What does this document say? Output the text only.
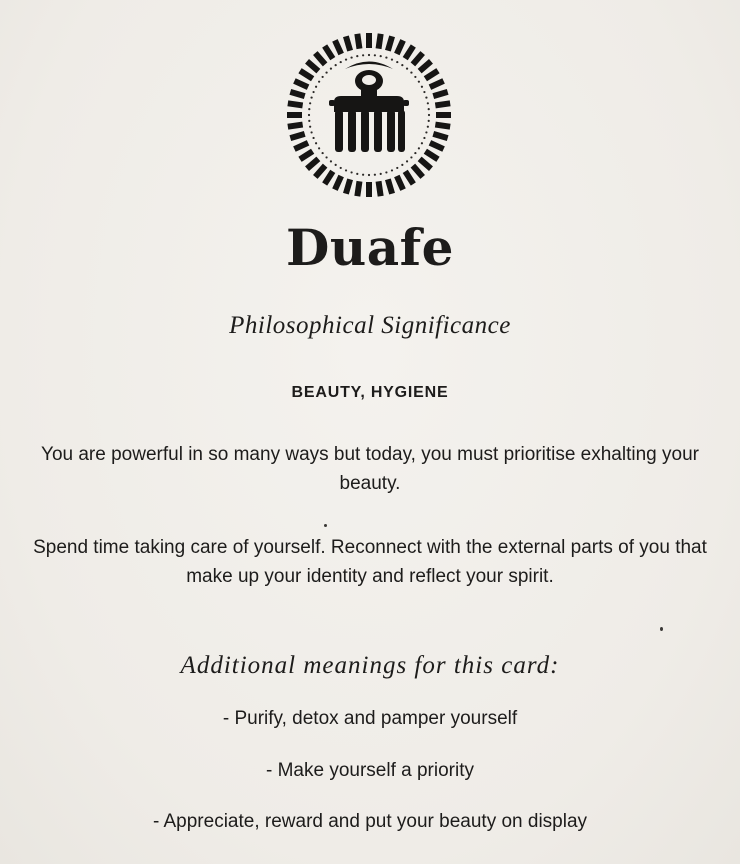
Duafe

Philosophical Significance

BEAUTY, HYGIENE

You are powerful in so many ways but today, you must prioritise exhalting your beauty.

Spend time taking care of yourself. Reconnect with the external parts of you that make up your identity and reflect your spirit.

Additional meanings for this card:

- Purify, detox and pamper yourself

- Make yourself a priority

- Appreciate, reward and put your beauty on display
